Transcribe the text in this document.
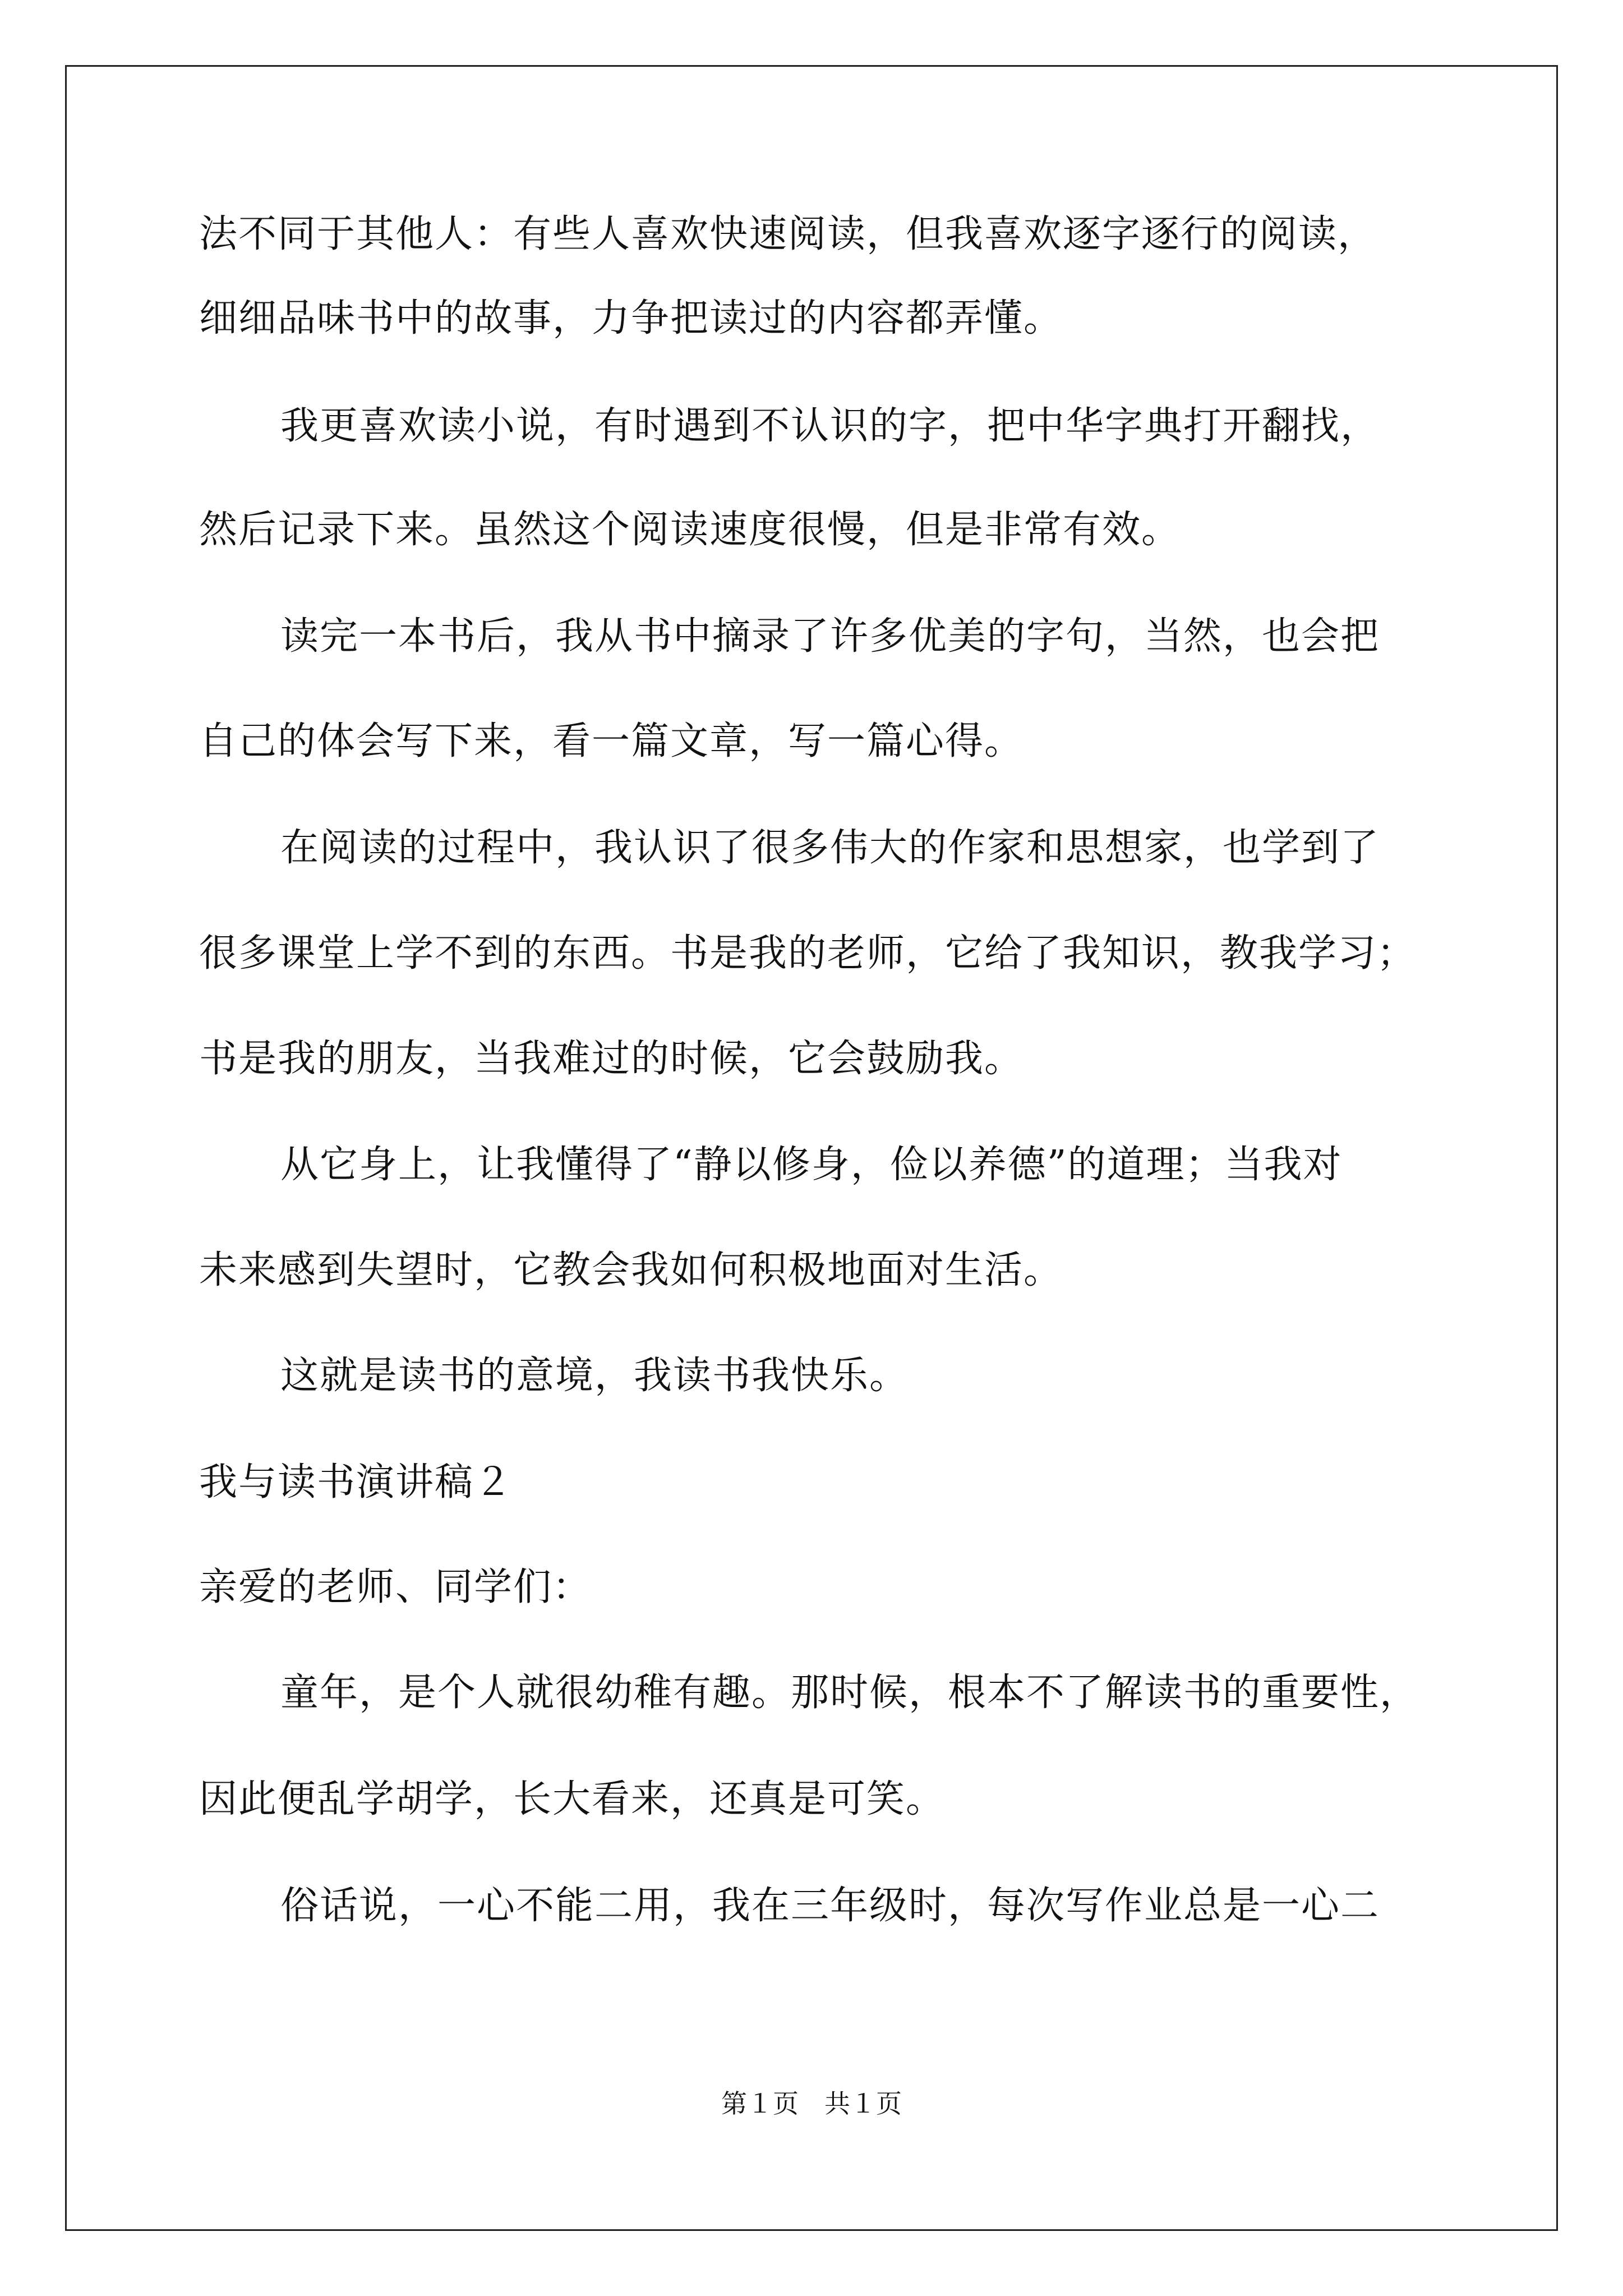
法不同于其他人：有些人喜欢快速阅读，但我喜欢逐字逐行的阅读，
细细品味书中的故事，力争把读过的内容都弄懂。
我更喜欢读小说，有时遇到不认识的字，把中华字典打开翻找，
然后记录下来。虽然这个阅读速度很慢，但是非常有效。
读完一本书后，我从书中摘录了许多优美的字句，当然，也会把
自己的体会写下来，看一篇文章，写一篇心得。
在阅读的过程中，我认识了很多伟大的作家和思想家，也学到了
很多课堂上学不到的东西。书是我的老师，它给了我知识，教我学习；
书是我的朋友，当我难过的时候，它会鼓励我。
从它身上，让我懂得了“静以修身，俭以养德”的道理；当我对
未来感到失望时，它教会我如何积极地面对生活。
这就是读书的意境，我读书我快乐。
我与读书演讲稿２
亲爱的老师、同学们：
童年，是个人就很幼稚有趣。那时候，根本不了解读书的重要性，
因此便乱学胡学，长大看来，还真是可笑。
俗话说，一心不能二用，我在三年级时，每次写作业总是一心二
第１页　共１页
